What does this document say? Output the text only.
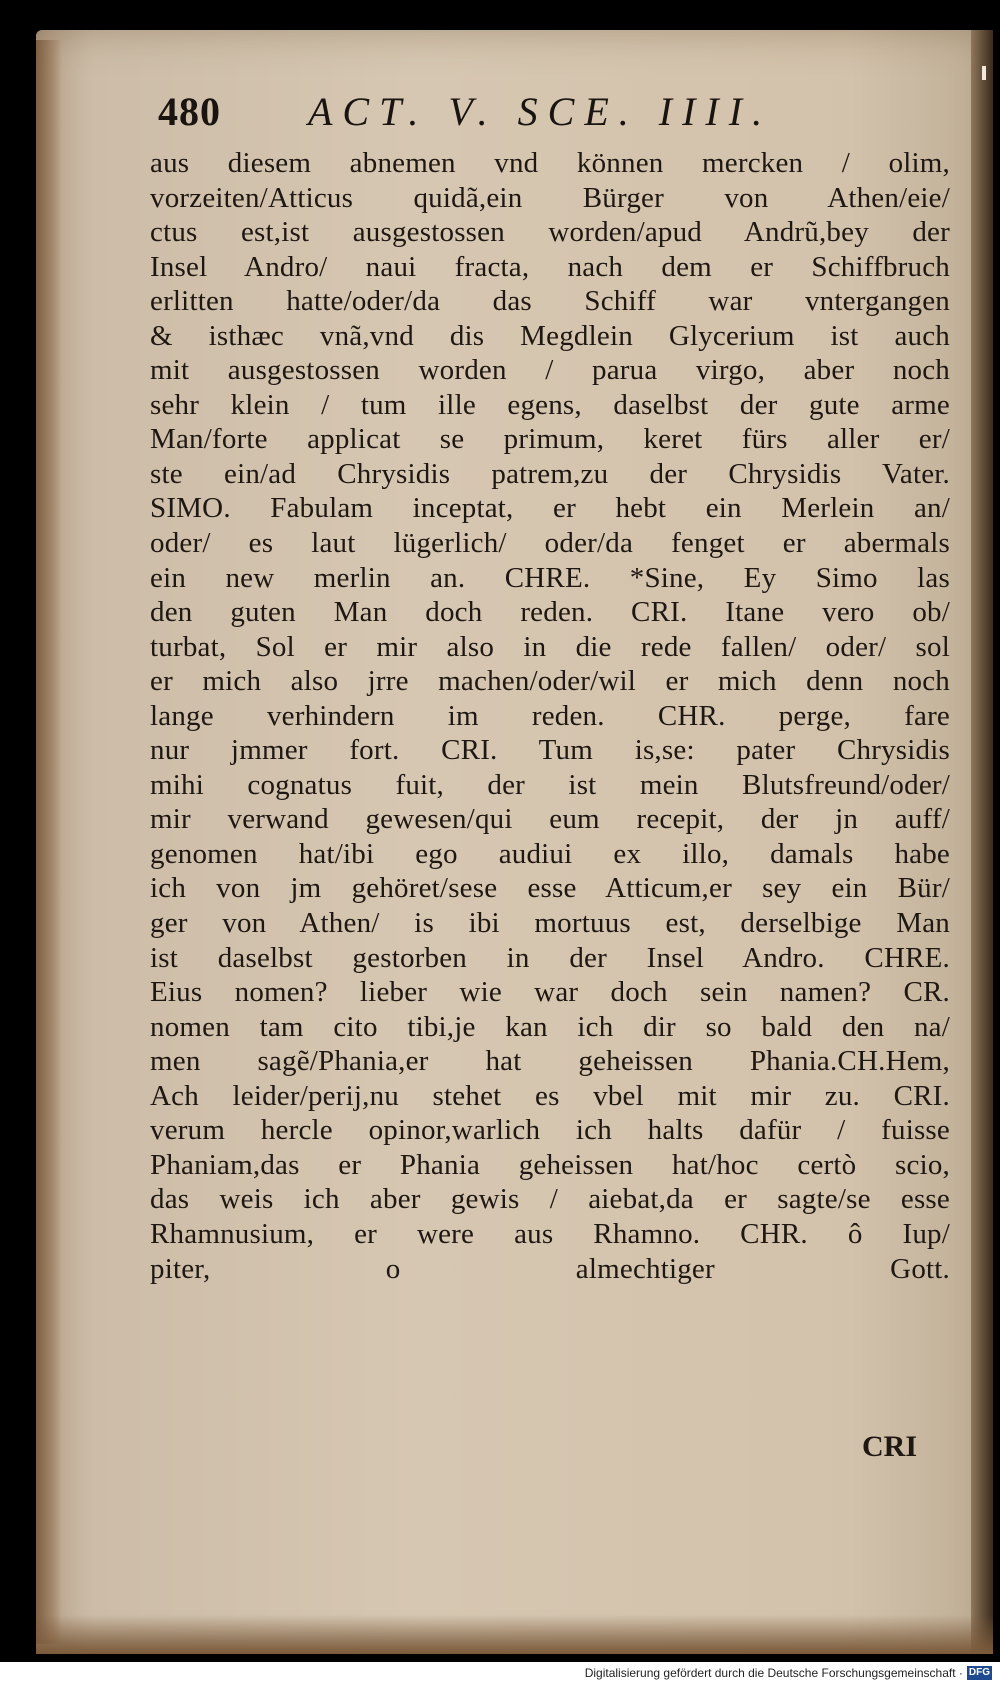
480	ACT. V. SCE. IIII.
aus diesem abnemen vnd können mercken / olim,
vorzeiten/Atticus quidã,ein Bürger von Athen/eie/
ctus est,ist ausgestossen worden/apud Andrũ,bey der
Insel Andro/ naui fracta, nach dem er Schiffbruch
erlitten hatte/oder/da das Schiff war vntergangen
& isthæc vnã,vnd dis Megdlein Glycerium ist auch
mit ausgestossen worden / parua virgo, aber noch
sehr klein / tum ille egens, daselbst der gute arme
Man/forte applicat se primum, keret fürs aller er/
ste ein/ad Chrysidis patrem,zu der Chrysidis Vater.
SIMO. Fabulam inceptat, er hebt ein Merlein an/
oder/ es laut lügerlich/ oder/da fenget er abermals
ein new merlin an. CHRE. *Sine, Ey Simo las
den guten Man doch reden. CRI. Itane vero ob/
turbat, Sol er mir also in die rede fallen/ oder/ sol
er mich also jrre machen/oder/wil er mich denn noch
lange verhindern im reden. CHR. perge, fare
nur jmmer fort. CRI. Tum is,se: pater Chrysidis
mihi cognatus fuit, der ist mein Blutsfreund/oder/
mir verwand gewesen/qui eum recepit, der jn auff/
genomen hat/ibi ego audiui ex illo, damals habe
ich von jm gehöret/sese esse Atticum,er sey ein Bür/
ger von Athen/ is ibi mortuus est, derselbige Man
ist daselbst gestorben in der Insel Andro. CHRE.
Eius nomen? lieber wie war doch sein namen? CR.
nomen tam cito tibi,je kan ich dir so bald den na/
men sagẽ/Phania,er hat geheissen Phania.CH.Hem,
Ach leider/perij,nu stehet es vbel mit mir zu. CRI.
verum hercle opinor,warlich ich halts dafür / fuisse
Phaniam,das er Phania geheissen hat/hoc certò scio,
das weis ich aber gewis / aiebat,da er sagte/se esse
Rhamnusium, er were aus Rhamno. CHR. ô Iup/
piter, o almechtiger Gott.
CRI
Digitalisierung gefördert durch die Deutsche Forschungsgemeinschaft · DFG
